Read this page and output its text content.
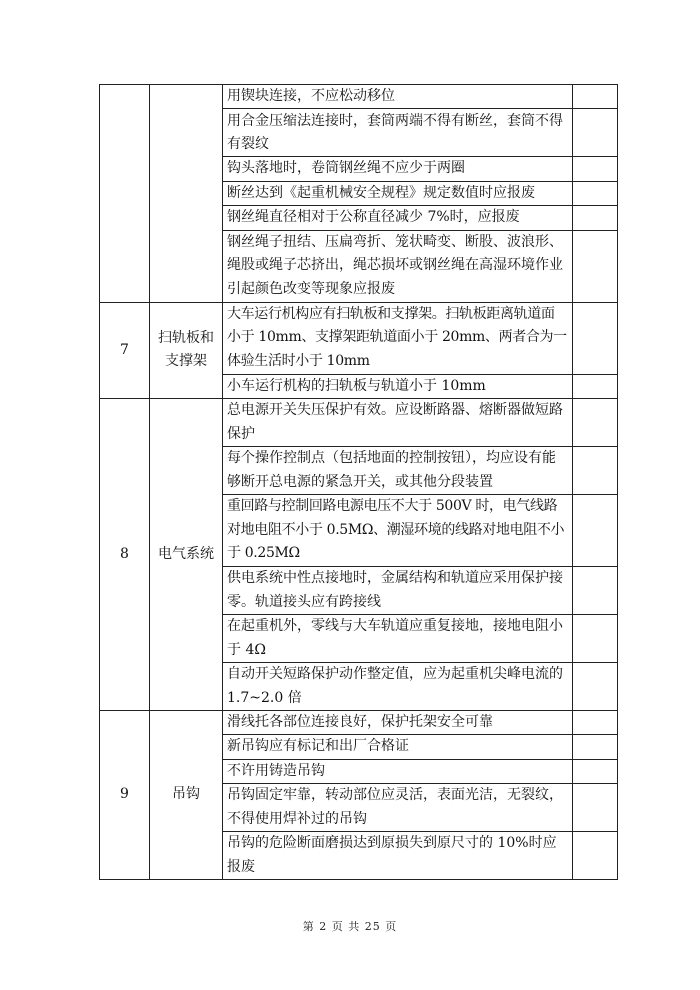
		用锲块连接，不应松动移位	
		用合金压缩法连接时，套筒两端不得有断丝，套筒不得有裂纹	
		钩头落地时，卷筒钢丝绳不应少于两圈	
		断丝达到《起重机械安全规程》规定数值时应报废	
		钢丝绳直径相对于公称直径减少 7%时，应报废	
		钢丝绳子扭结、压扁弯折、笼状畸变、断股、波浪形、绳股或绳子芯挤出，绳芯损坏或钢丝绳在高湿环境作业引起颜色改变等现象应报废	
7	扫轨板和支撑架	大车运行机构应有扫轨板和支撑架。扫轨板距离轨道面小于 10mm、支撑架距轨道面小于 20mm、两者合为一体验生活时小于 10mm	
		小车运行机构的扫轨板与轨道小于 10mm	
8	电气系统	总电源开关失压保护有效。应设断路器、熔断器做短路保护	
		每个操作控制点（包括地面的控制按钮），均应设有能够断开总电源的紧急开关，或其他分段装置	
		重回路与控制回路电源电压不大于 500V 时，电气线路对地电阻不小于 0.5MΩ、潮湿环境的线路对地电阻不小于 0.25MΩ	
		供电系统中性点接地时，金属结构和轨道应采用保护接零。轨道接头应有跨接线	
		在起重机外，零线与大车轨道应重复接地，接地电阻小于 4Ω	
		自动开关短路保护动作整定值，应为起重机尖峰电流的 1.7~2.0 倍	
9	吊钩	滑线托各部位连接良好，保护托架安全可靠	
		新吊钩应有标记和出厂合格证	
		不许用铸造吊钩	
		吊钩固定牢靠，转动部位应灵活，表面光洁，无裂纹，不得使用焊补过的吊钩	
		吊钩的危险断面磨损达到原损失到原尺寸的 10%时应报废	
第 2 页 共 25 页
